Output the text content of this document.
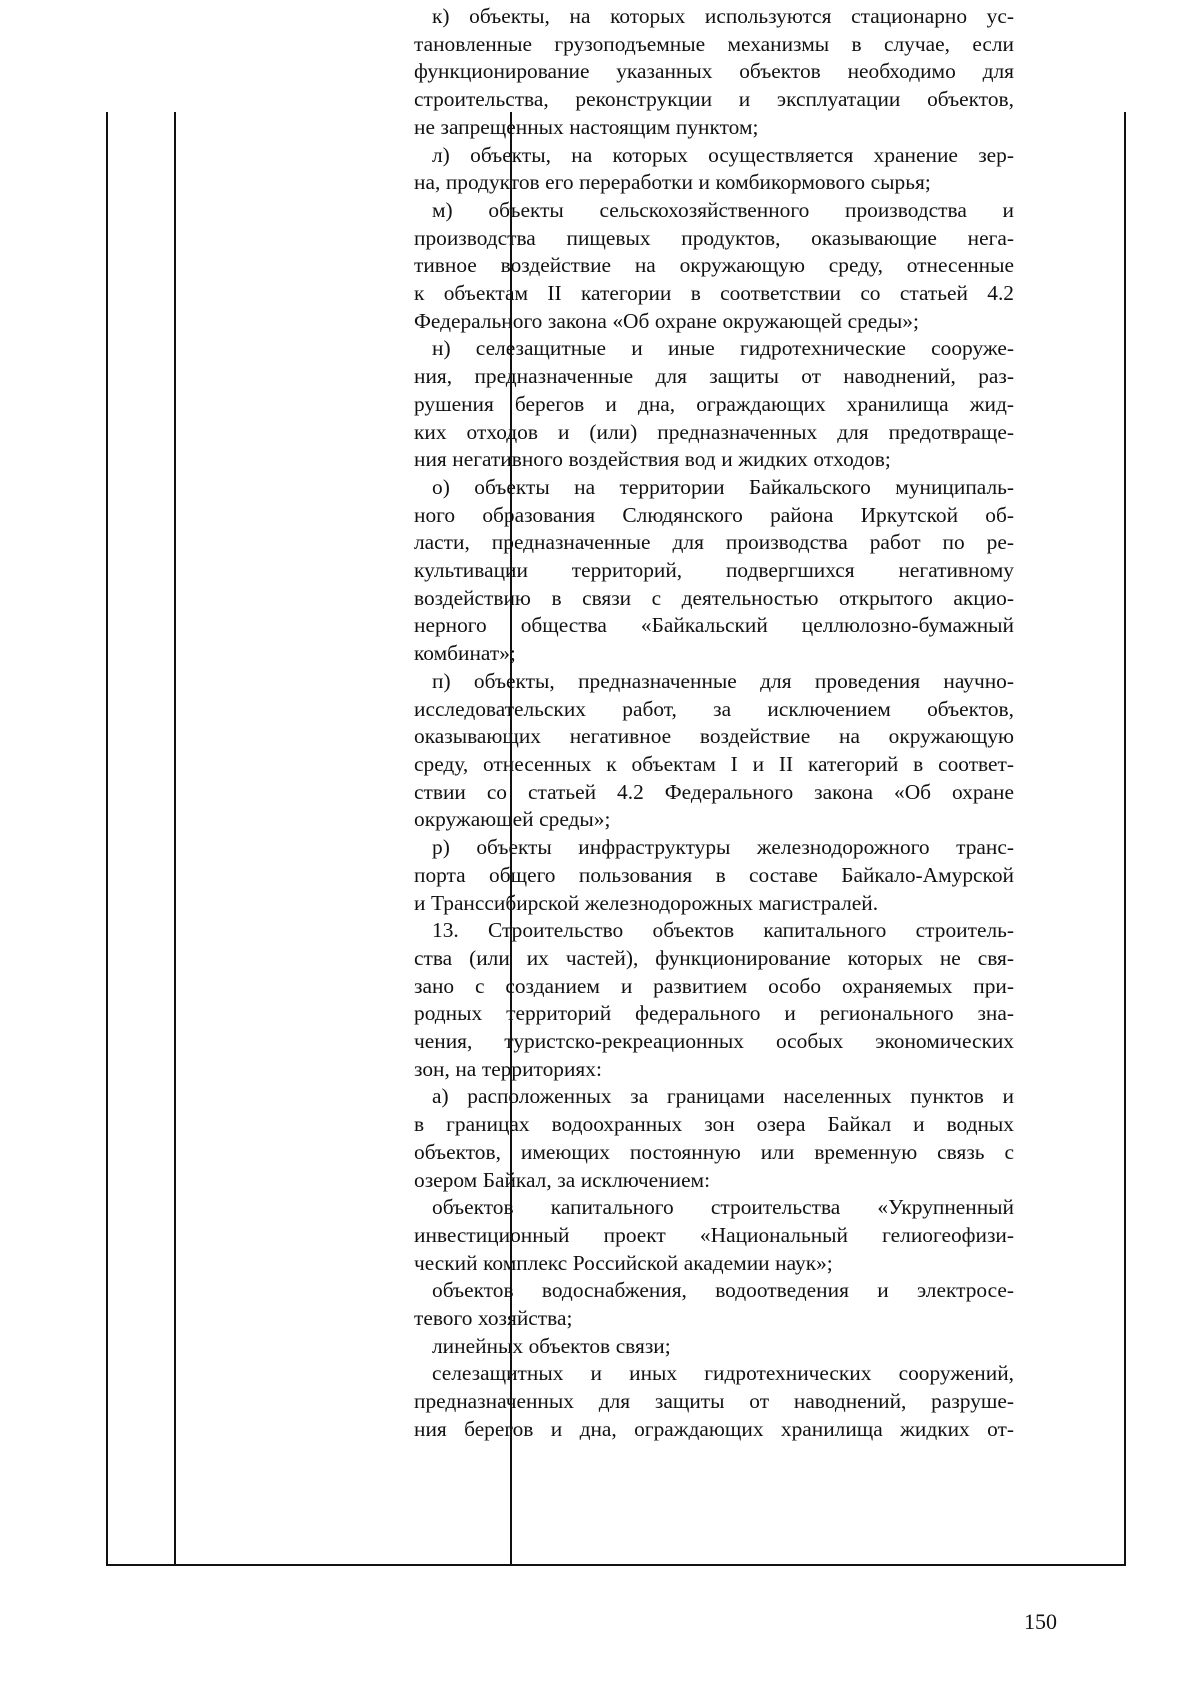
к) объекты, на которых используются стационарно ус-
тановленные грузоподъемные механизмы в случае, если
функционирование указанных объектов необходимо для
строительства, реконструкции и эксплуатации объектов,
не запрещенных настоящим пунктом;
л) объекты, на которых осуществляется хранение зер-
на, продуктов его переработки и комбикормового сырья;
м) объекты сельскохозяйственного производства и
производства пищевых продуктов, оказывающие нега-
тивное воздействие на окружающую среду, отнесенные
к объектам II категории в соответствии со статьей 4.2
Федерального закона «Об охране окружающей среды»;
н) селезащитные и иные гидротехнические сооруже-
ния, предназначенные для защиты от наводнений, раз-
рушения берегов и дна, ограждающих хранилища жид-
ких отходов и (или) предназначенных для предотвраще-
ния негативного воздействия вод и жидких отходов;
о) объекты на территории Байкальского муниципаль-
ного образования Слюдянского района Иркутской об-
ласти, предназначенные для производства работ по ре-
культивации территорий, подвергшихся негативному
воздействию в связи с деятельностью открытого акцио-
нерного общества «Байкальский целлюлозно-бумажный
комбинат»;
п) объекты, предназначенные для проведения научно-
исследовательских работ, за исключением объектов,
оказывающих негативное воздействие на окружающую
среду, отнесенных к объектам I и II категорий в соответ-
ствии со статьей 4.2 Федерального закона «Об охране
окружающей среды»;
р) объекты инфраструктуры железнодорожного транс-
порта общего пользования в составе Байкало-Амурской
и Транссибирской железнодорожных магистралей.
13. Строительство объектов капитального строитель-
ства (или их частей), функционирование которых не свя-
зано с созданием и развитием особо охраняемых при-
родных территорий федерального и регионального зна-
чения, туристско-рекреационных особых экономических
зон, на территориях:
а) расположенных за границами населенных пунктов и
в границах водоохранных зон озера Байкал и водных
объектов, имеющих постоянную или временную связь с
озером Байкал, за исключением:
объектов капитального строительства «Укрупненный
инвестиционный проект «Национальный гелиогеофизи-
ческий комплекс Российской академии наук»;
объектов водоснабжения, водоотведения и электросе-
тевого хозяйства;
линейных объектов связи;
селезащитных и иных гидротехнических сооружений,
предназначенных для защиты от наводнений, разруше-
ния берегов и дна, ограждающих хранилища жидких от-
150
